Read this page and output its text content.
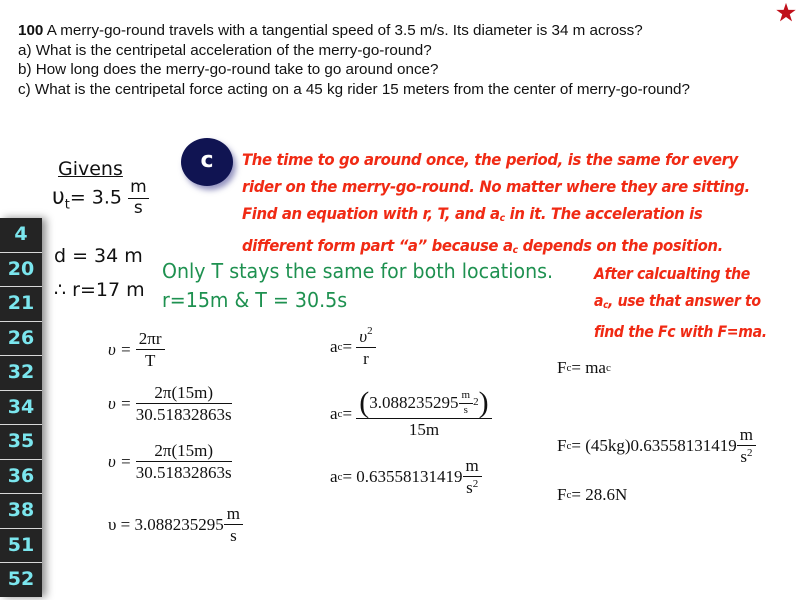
100 A merry-go-round travels with a tangential speed of 3.5 m/s. Its diameter is 34 m across?
a) What is the centripetal acceleration of the merry-go-round?
b) How long does the merry-go-round take to go around once?
c) What is the centripetal force acting on a 45 kg rider 15 meters from the center of merry-go-round?
c	The time to go around once, the period, is the same for every
rider on the merry-go-round. No matter where they are sitting.
Find an equation with r, T, and $a_c$ in it. The acceleration is
different form part “a” because $a_c$ depends on the position.
After calcualting the
$a_c$, use that answer to
find the Fc with F=ma.
Givens
$\upsilon_t= 3.5 \frac{m}{s}$
d = 34 m
∴ r=17 m
Only T stays the same for both locations.
r=15m & T = 30.5s
4
20
21
26
32
34
35
36
38
51
52
υ =
$\frac{2\pi r}{T}$
υ =
$\frac{2\pi(15m)}{30.51832863s}$
υ =
$\frac{2\pi(15m)}{30.51832863s}$
$\upsilon = 3.088235295 \frac{m}{s}$
a c =
$\frac{\upsilon^2}{r}$
a c =
$\frac{( 3.088235295 \frac{m}{s} 2 )}{15m}$
a $c = 0.63558131419 \frac{m}{s^2}$
F c = ma c
F $c = (45kg)0.63558131419 \frac{m}{s^2}$
F c = 28.6N
